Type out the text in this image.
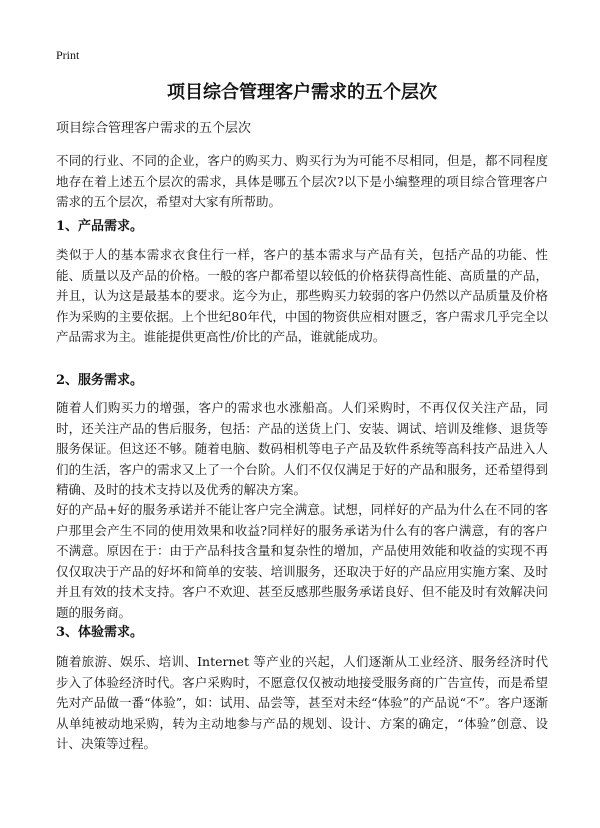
Print
项目综合管理客户需求的五个层次
项目综合管理客户需求的五个层次

不同的行业、不同的企业，客户的购买力、购买行为为可能不尽相同，但是，都不同程度地存在着上述五个层次的需求，具体是哪五个层次?以下是小编整理的项目综合管理客户需求的五个层次，希望对大家有所帮助。

1、产品需求。

类似于人的基本需求衣食住行一样，客户的基本需求与产品有关，包括产品的功能、性能、质量以及产品的价格。一般的客户都希望以较低的价格获得高性能、高质量的产品，并且，认为这是最基本的要求。迄今为止，那些购买力较弱的客户仍然以产品质量及价格作为采购的主要依据。上个世纪80年代，中国的物资供应相对匮乏，客户需求几乎完全以产品需求为主。谁能提供更高性/价比的产品，谁就能成功。

2、服务需求。

随着人们购买力的增强，客户的需求也水涨船高。人们采购时，不再仅仅关注产品，同时，还关注产品的售后服务，包括：产品的送货上门、安装、调试、培训及维修、退货等服务保证。但这还不够。随着电脑、数码相机等电子产品及软件系统等高科技产品进入人们的生活，客户的需求又上了一个台阶。人们不仅仅满足于好的产品和服务，还希望得到精确、及时的技术支持以及优秀的解决方案。

好的产品+好的服务承诺并不能让客户完全满意。试想，同样好的产品为什么在不同的客户那里会产生不同的使用效果和收益?同样好的服务承诺为什么有的客户满意，有的客户不满意。原因在于：由于产品科技含量和复杂性的增加，产品使用效能和收益的实现不再仅仅取决于产品的好坏和简单的安装、培训服务，还取决于好的产品应用实施方案、及时并且有效的技术支持。客户不欢迎、甚至反感那些服务承诺良好、但不能及时有效解决问题的服务商。

3、体验需求。

随着旅游、娱乐、培训、Internet 等产业的兴起，人们逐渐从工业经济、服务经济时代步入了体验经济时代。客户采购时，不愿意仅仅被动地接受服务商的广告宣传，而是希望先对产品做一番“体验”，如：试用、品尝等，甚至对未经“体验”的产品说“不”。客户逐渐从单纯被动地采购，转为主动地参与产品的规划、设计、方案的确定，“体验”创意、设计、决策等过程。
